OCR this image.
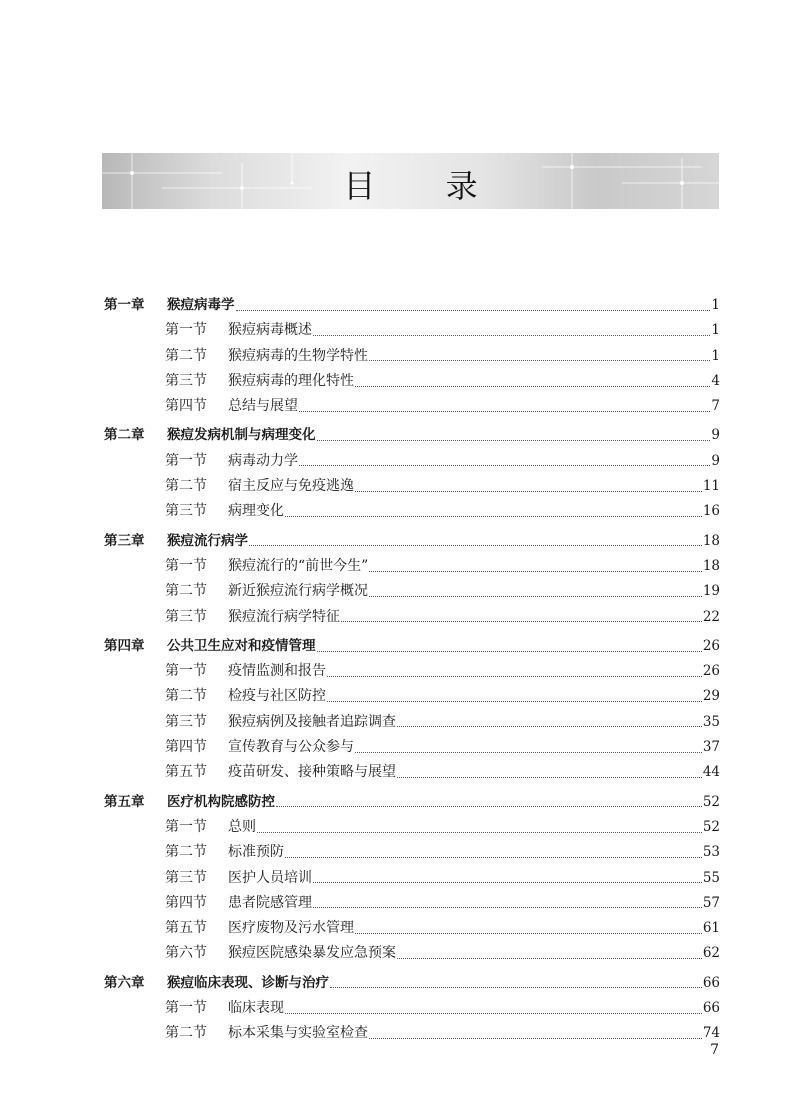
目 录
第一章	猴痘病毒学	1
第一节	猴痘病毒概述	1
第二节	猴痘病毒的生物学特性	1
第三节	猴痘病毒的理化特性	4
第四节	总结与展望	7
第二章	猴痘发病机制与病理变化	9
第一节	病毒动力学	9
第二节	宿主反应与免疫逃逸	11
第三节	病理变化	16
第三章	猴痘流行病学	18
第一节	猴痘流行的“前世今生”	18
第二节	新近猴痘流行病学概况	19
第三节	猴痘流行病学特征	22
第四章	公共卫生应对和疫情管理	26
第一节	疫情监测和报告	26
第二节	检疫与社区防控	29
第三节	猴痘病例及接触者追踪调查	35
第四节	宣传教育与公众参与	37
第五节	疫苗研发、接种策略与展望	44
第五章	医疗机构院感防控	52
第一节	总则	52
第二节	标准预防	53
第三节	医护人员培训	55
第四节	患者院感管理	57
第五节	医疗废物及污水管理	61
第六节	猴痘医院感染暴发应急预案	62
第六章	猴痘临床表现、诊断与治疗	66
第一节	临床表现	66
第二节	标本采集与实验室检查	74
7
